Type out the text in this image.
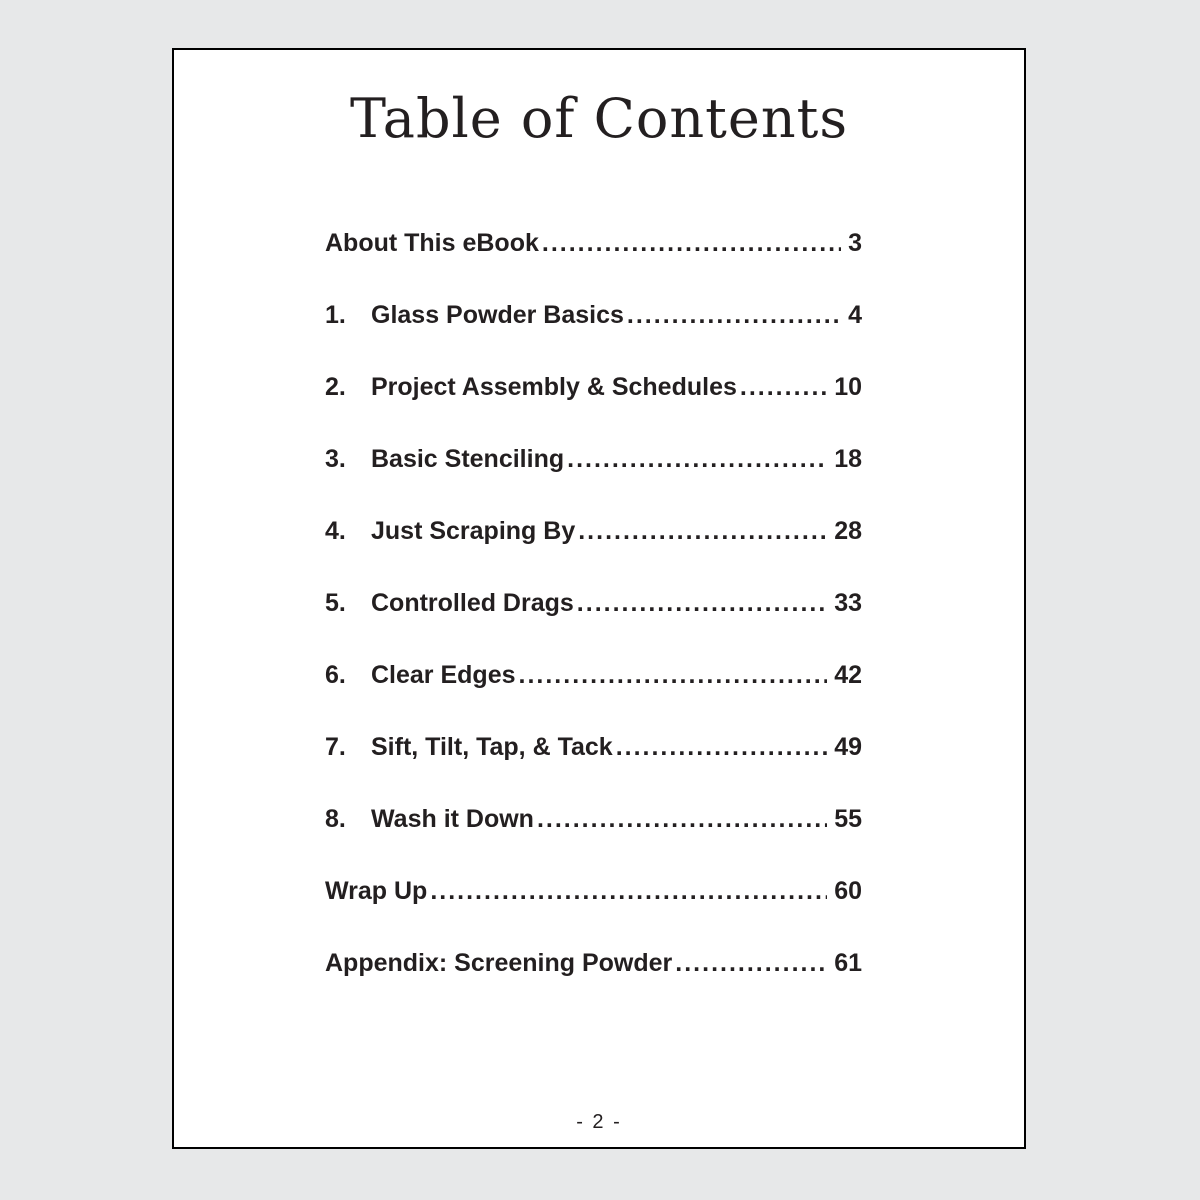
Table of Contents
About This eBook .....	3
1.	Glass Powder Basics .....	4
2.	Project Assembly & Schedules .....	10
3.	Basic Stenciling .....	18
4.	Just Scraping By .....	28
5.	Controlled Drags .....	33
6.	Clear Edges .....	42
7.	Sift, Tilt, Tap, & Tack .....	49
8.	Wash it Down .....	55
Wrap Up .....	60
Appendix: Screening Powder .....	61
- 2 -
